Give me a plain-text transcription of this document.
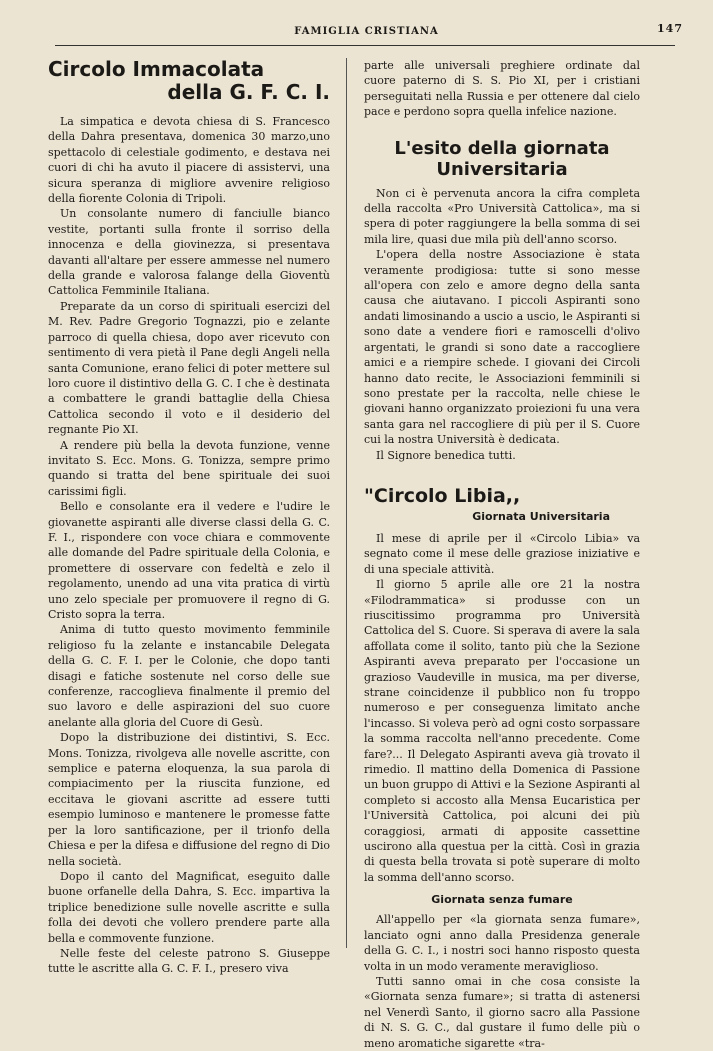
FAMIGLIA CRISTIANA	147
Circolo Immacolata
della G. F. C. I.

La simpatica e devota chiesa di S. Francesco della Dahra presentava, domenica 30 marzo,uno spettacolo di celestiale godimento, e destava nei cuori di chi ha avuto il piacere di assistervi, una sicura speranza di migliore avvenire religioso della fiorente Colonia di Tripoli.

Un consolante numero di fanciulle bianco vestite, portanti sulla fronte il sorriso della innocenza e della giovinezza, si presentava davanti all'altare per essere ammesse nel numero della grande e valorosa falange della Gioventù Cattolica Femminile Italiana.

Preparate da un corso di spirituali esercizi del M. Rev. Padre Gregorio Tognazzi, pio e zelante parroco di quella chiesa, dopo aver ricevuto con sentimento di vera pietà il Pane degli Angeli nella santa Comunione, erano felici di poter mettere sul loro cuore il distintivo della G. C. I che è destinata a combattere le grandi battaglie della Chiesa Cattolica secondo il voto e il desiderio del regnante Pio XI.

A rendere più bella la devota funzione, venne invitato S. Ecc. Mons. G. Tonizza, sempre primo quando si tratta del bene spirituale dei suoi carissimi figli.

Bello e consolante era il vedere e l'udire le giovanette aspiranti alle diverse classi della G. C. F. I., rispondere con voce chiara e commovente alle domande del Padre spirituale della Colonia, e promettere di osservare con fedeltà e zelo il regolamento, unendo ad una vita pratica di virtù uno zelo speciale per promuovere il regno di G. Cristo sopra la terra.

Anima di tutto questo movimento femminile religioso fu la zelante e instancabile Delegata della G. C. F. I. per le Colonie, che dopo tanti disagi e fatiche sostenute nel corso delle sue conferenze, raccoglieva finalmente il premio del suo lavoro e delle aspirazioni del suo cuore anelante alla gloria del Cuore di Gesù.

Dopo la distribuzione dei distintivi, S. Ecc. Mons. Tonizza, rivolgeva alle novelle ascritte, con semplice e paterna eloquenza, la sua parola di compiacimento per la riuscita funzione, ed eccitava le giovani ascritte ad essere tutti esempio luminoso e mantenere le promesse fatte per la loro santificazione, per il trionfo della Chiesa e per la difesa e diffusione del regno di Dio nella società.

Dopo il canto del Magnificat, eseguito dalle buone orfanelle della Dahra, S. Ecc. impartiva la triplice benedizione sulle novelle ascritte e sulla folla dei devoti che vollero prendere parte alla bella e commovente funzione.

Nelle feste del celeste patrono S. Giuseppe tutte le ascritte alla G. C. F. I., presero viva

parte alle universali preghiere ordinate dal cuore paterno di S. S. Pio XI, per i cristiani perseguitati nella Russia e per ottenere dal cielo pace e perdono sopra quella infelice nazione.

L'esito della giornata
Universitaria

Non ci è pervenuta ancora la cifra completa della raccolta «Pro Università Cattolica», ma si spera di poter raggiungere la bella somma di sei mila lire, quasi due mila più dell'anno scorso.

L'opera della nostre Associazione è stata veramente prodigiosa: tutte si sono messe all'opera con zelo e amore degno della santa causa che aiutavano. I piccoli Aspiranti sono andati limosinando a uscio a uscio, le Aspiranti si sono date a vendere fiori e ramoscelli d'olivo argentati, le grandi si sono date a raccogliere amici e a riempire schede. I giovani dei Circoli hanno dato recite, le Associazioni femminili si sono prestate per la raccolta, nelle chiese le giovani hanno organizzato proiezioni fu una vera santa gara nel raccogliere di più per il S. Cuore cui la nostra Università è dedicata.

Il Signore benedica tutti.

"Circolo Libia,,
Giornata Universitaria

Il mese di aprile per il «Circolo Libia» va segnato come il mese delle graziose iniziative e di una speciale attività.

Il giorno 5 aprile alle ore 21 la nostra «Filodrammatica» si produsse con un riuscitissimo programma pro Università Cattolica del S. Cuore. Si sperava di avere la sala affollata come il solito, tanto più che la Sezione Aspiranti aveva preparato per l'occasione un grazioso Vaudeville in musica, ma per diverse, strane coincidenze il pubblico non fu troppo numeroso e per conseguenza limitato anche l'incasso. Si voleva però ad ogni costo sorpassare la somma raccolta nell'anno precedente. Come fare?... Il Delegato Aspiranti aveva già trovato il rimedio. Il mattino della Domenica di Passione un buon gruppo di Attivi e la Sezione Aspiranti al completo si accosto alla Mensa Eucaristica per l'Università Cattolica, poi alcuni dei più coraggiosi, armati di apposite cassettine uscirono alla questua per la città. Così in grazia di questa bella trovata si potè superare di molto la somma dell'anno scorso.

Giornata senza fumare

All'appello per «la giornata senza fumare», lanciato ogni anno dalla Presidenza generale della G. C. I., i nostri soci hanno risposto questa volta in un modo veramente meraviglioso.

Tutti sanno omai in che cosa consiste la «Giornata senza fumare»; si tratta di astenersi nel Venerdì Santo, il giorno sacro alla Passione di N. S. G. C., dal gustare il fumo delle più o meno aromatiche sigarette «tra-
